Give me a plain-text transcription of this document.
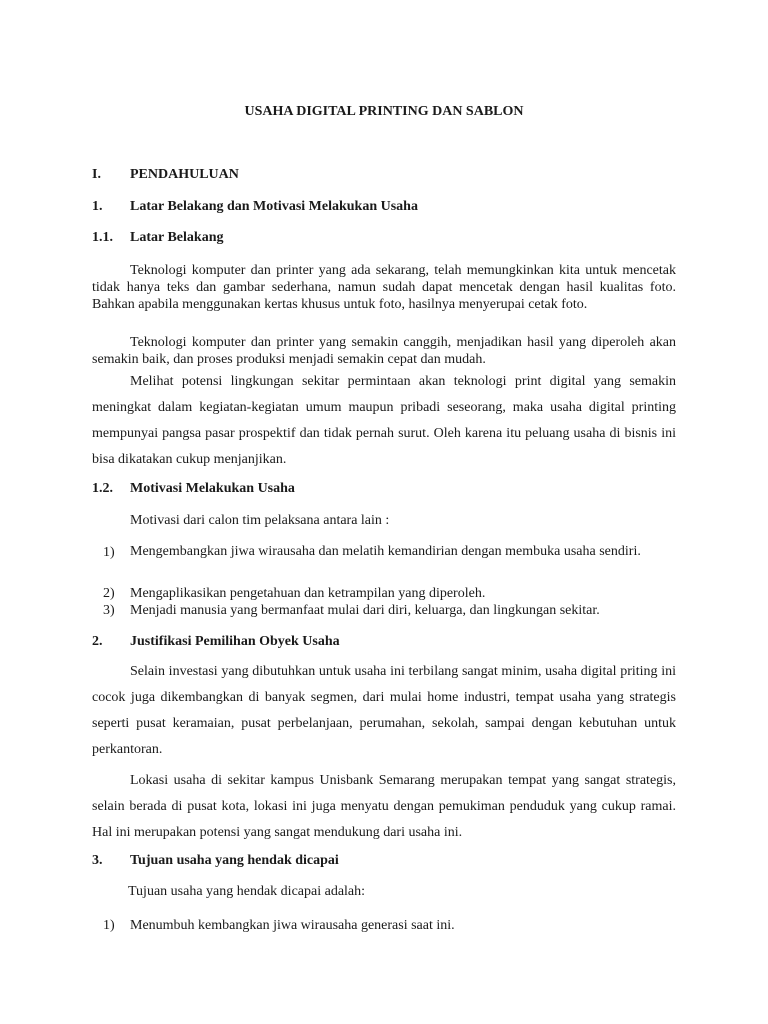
USAHA DIGITAL PRINTING DAN SABLON
I. PENDAHULUAN
1. Latar Belakang dan Motivasi Melakukan Usaha
1.1. Latar Belakang
Teknologi komputer dan printer yang ada sekarang, telah memungkinkan kita untuk mencetak tidak hanya teks dan gambar sederhana, namun sudah dapat mencetak dengan hasil kualitas foto. Bahkan apabila menggunakan kertas khusus untuk foto, hasilnya menyerupai cetak foto.
Teknologi komputer dan printer yang semakin canggih, menjadikan hasil yang diperoleh akan semakin baik, dan proses produksi menjadi semakin cepat dan mudah.
Melihat potensi lingkungan sekitar permintaan akan teknologi print digital yang semakin meningkat dalam kegiatan-kegiatan umum maupun pribadi seseorang, maka usaha digital printing mempunyai pangsa pasar prospektif dan tidak pernah surut. Oleh karena itu peluang usaha di bisnis ini bisa dikatakan cukup menjanjikan.
1.2. Motivasi Melakukan Usaha
Motivasi dari calon tim pelaksana antara lain :
1) Mengembangkan jiwa wirausaha dan melatih kemandirian dengan membuka usaha sendiri.
2) Mengaplikasikan pengetahuan dan ketrampilan yang diperoleh.
3) Menjadi manusia yang bermanfaat mulai dari diri, keluarga, dan lingkungan sekitar.
2. Justifikasi Pemilihan Obyek Usaha
Selain investasi yang dibutuhkan untuk usaha ini terbilang sangat minim, usaha digital priting ini cocok juga dikembangkan di banyak segmen, dari mulai home industri, tempat usaha yang strategis seperti pusat keramaian, pusat perbelanjaan, perumahan, sekolah, sampai dengan kebutuhan untuk perkantoran.
Lokasi usaha di sekitar kampus Unisbank Semarang merupakan tempat yang sangat strategis, selain berada di pusat kota, lokasi ini juga menyatu dengan pemukiman penduduk yang cukup ramai. Hal ini merupakan potensi yang sangat mendukung dari usaha ini.
3. Tujuan usaha yang hendak dicapai
Tujuan usaha yang hendak dicapai adalah:
1) Menumbuh kembangkan jiwa wirausaha generasi saat ini.
